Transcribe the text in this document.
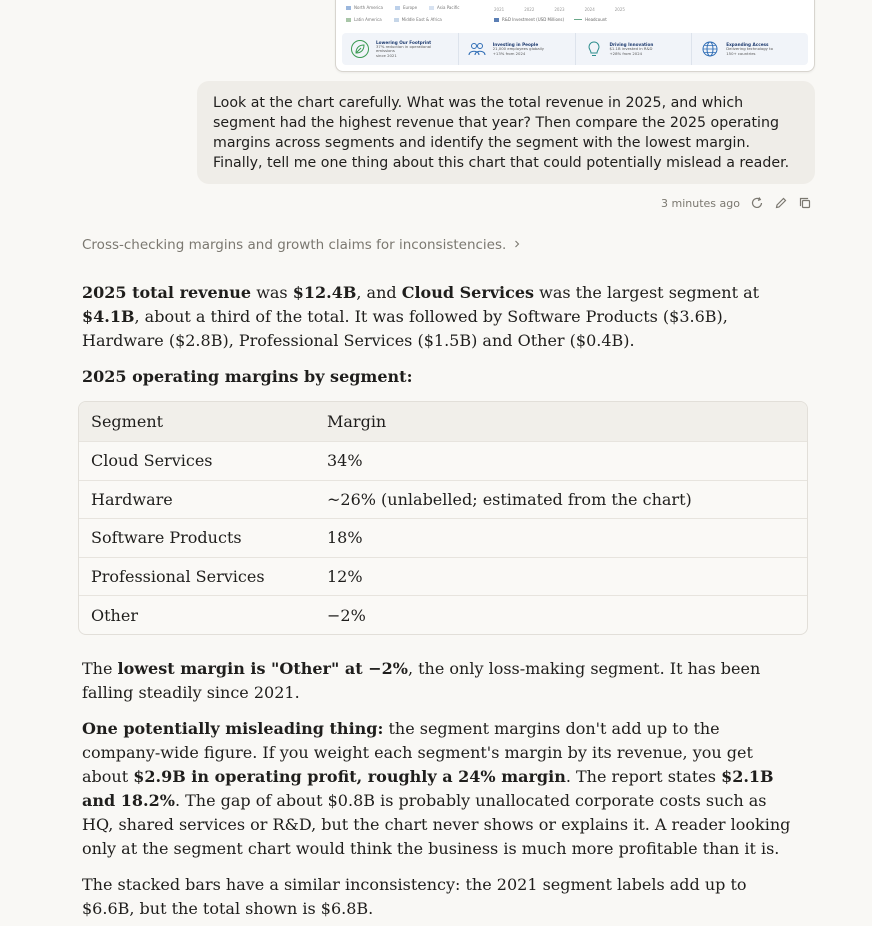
North America	Europe	Asia Pacific
Latin America	Middle East & Africa
2021	2022	2023	2024	2025
R&D Investment (USD Millions)	Headcount
Lowering Our Footprint
37% reduction in operational emissions
since 2021
Investing in People
21,000 employees globally
+13% from 2024
Driving Innovation
$1.1B invested in R&D
+28% from 2024
Expanding Access
Delivering technology to
150+ countries
Look at the chart carefully. What was the total revenue in 2025, and which segment had the highest revenue that year? Then compare the 2025 operating margins across segments and identify the segment with the lowest margin. Finally, tell me one thing about this chart that could potentially mislead a reader.
3 minutes ago
Cross-checking margins and growth claims for inconsistencies.

2025 total revenue was $12.4B, and Cloud Services was the largest segment at $4.1B, about a third of the total. It was followed by Software Products ($3.6B), Hardware ($2.8B), Professional Services ($1.5B) and Other ($0.4B).

2025 operating margins by segment:

Segment	Margin
Cloud Services	34%
Hardware	~26% (unlabelled; estimated from the chart)
Software Products	18%
Professional Services	12%
Other	−2%

The lowest margin is "Other" at −2%, the only loss-making segment. It has been falling steadily since 2021.

One potentially misleading thing: the segment margins don't add up to the company-wide figure. If you weight each segment's margin by its revenue, you get about $2.9B in operating profit, roughly a 24% margin. The report states $2.1B and 18.2%. The gap of about $0.8B is probably unallocated corporate costs such as HQ, shared services or R&D, but the chart never shows or explains it. A reader looking only at the segment chart would think the business is much more profitable than it is.

The stacked bars have a similar inconsistency: the 2021 segment labels add up to $6.6B, but the total shown is $6.8B.
